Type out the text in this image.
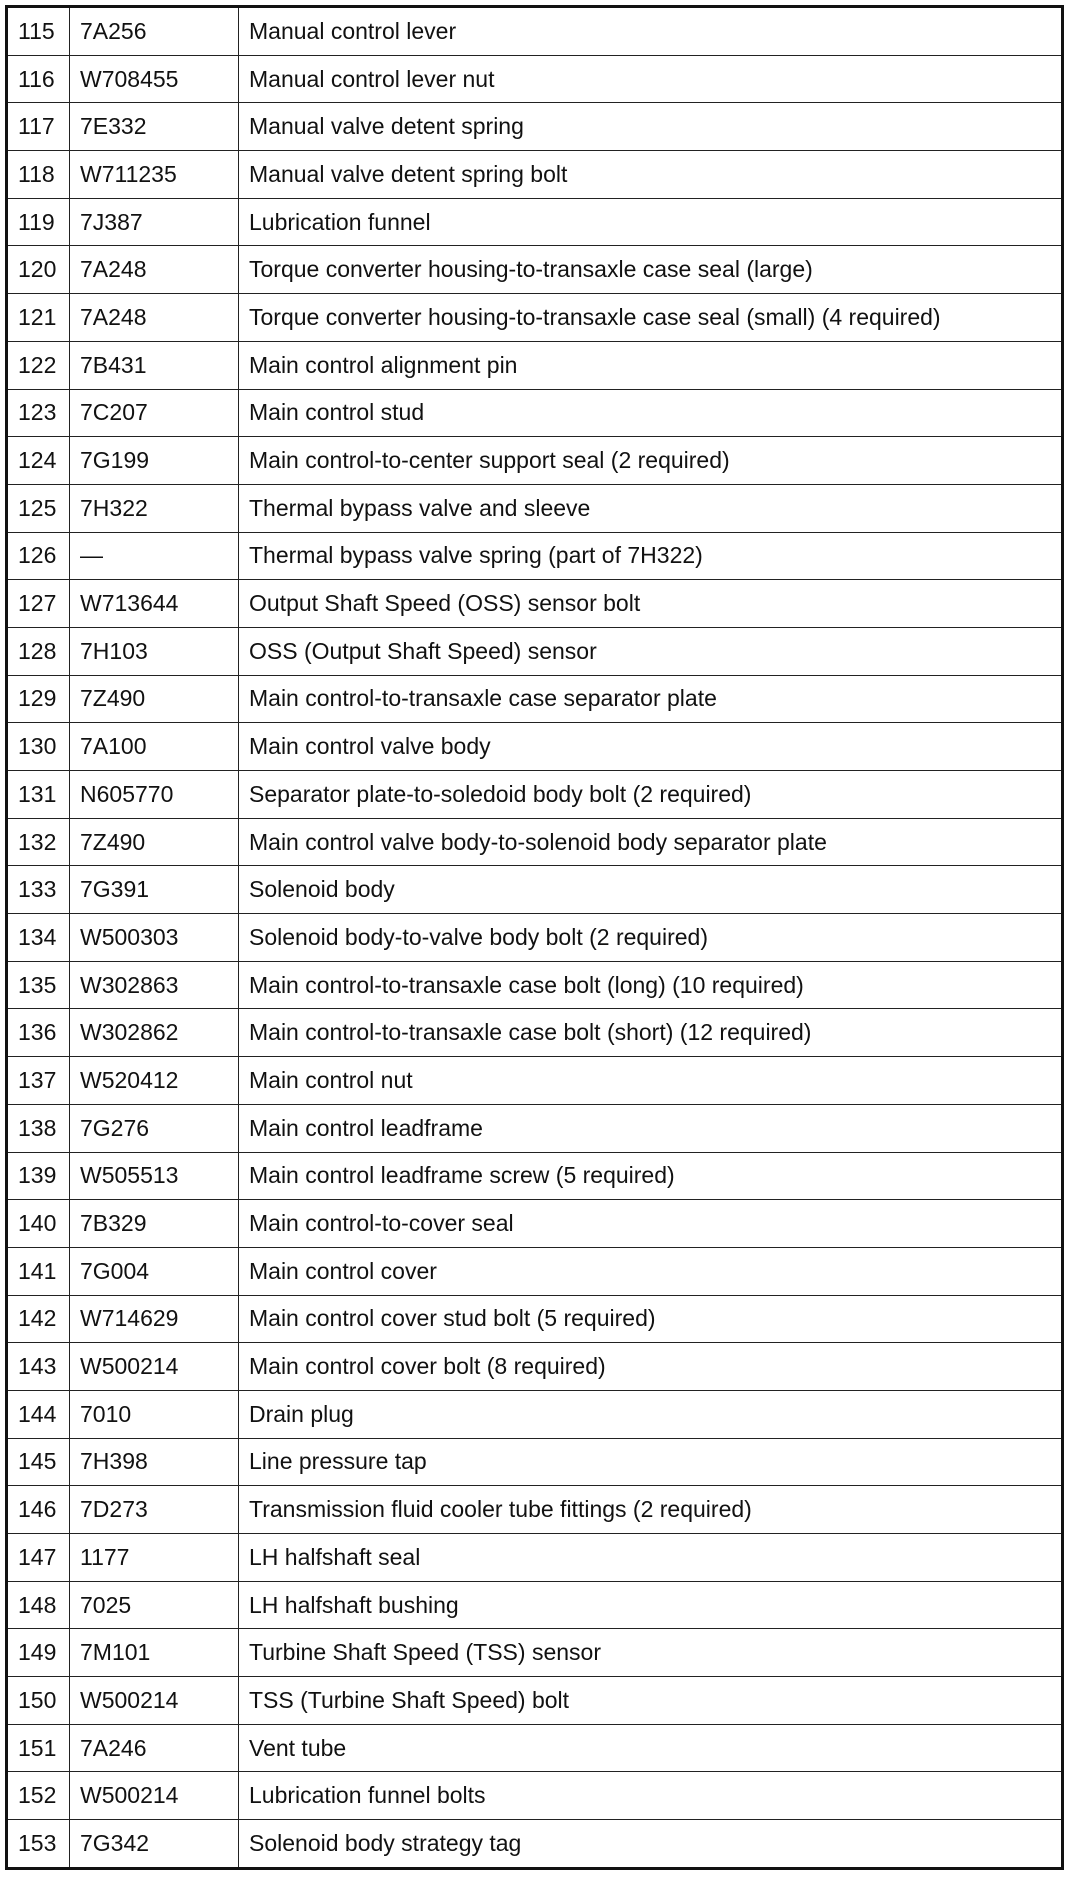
115	7A256	Manual control lever
116	W708455	Manual control lever nut
117	7E332	Manual valve detent spring
118	W711235	Manual valve detent spring bolt
119	7J387	Lubrication funnel
120	7A248	Torque converter housing-to-transaxle case seal (large)
121	7A248	Torque converter housing-to-transaxle case seal (small) (4 required)
122	7B431	Main control alignment pin
123	7C207	Main control stud
124	7G199	Main control-to-center support seal (2 required)
125	7H322	Thermal bypass valve and sleeve
126	—	Thermal bypass valve spring (part of 7H322)
127	W713644	Output Shaft Speed (OSS) sensor bolt
128	7H103	OSS (Output Shaft Speed) sensor
129	7Z490	Main control-to-transaxle case separator plate
130	7A100	Main control valve body
131	N605770	Separator plate-to-soledoid body bolt (2 required)
132	7Z490	Main control valve body-to-solenoid body separator plate
133	7G391	Solenoid body
134	W500303	Solenoid body-to-valve body bolt (2 required)
135	W302863	Main control-to-transaxle case bolt (long) (10 required)
136	W302862	Main control-to-transaxle case bolt (short) (12 required)
137	W520412	Main control nut
138	7G276	Main control leadframe
139	W505513	Main control leadframe screw (5 required)
140	7B329	Main control-to-cover seal
141	7G004	Main control cover
142	W714629	Main control cover stud bolt (5 required)
143	W500214	Main control cover bolt (8 required)
144	7010	Drain plug
145	7H398	Line pressure tap
146	7D273	Transmission fluid cooler tube fittings (2 required)
147	1177	LH halfshaft seal
148	7025	LH halfshaft bushing
149	7M101	Turbine Shaft Speed (TSS) sensor
150	W500214	TSS (Turbine Shaft Speed) bolt
151	7A246	Vent tube
152	W500214	Lubrication funnel bolts
153	7G342	Solenoid body strategy tag
